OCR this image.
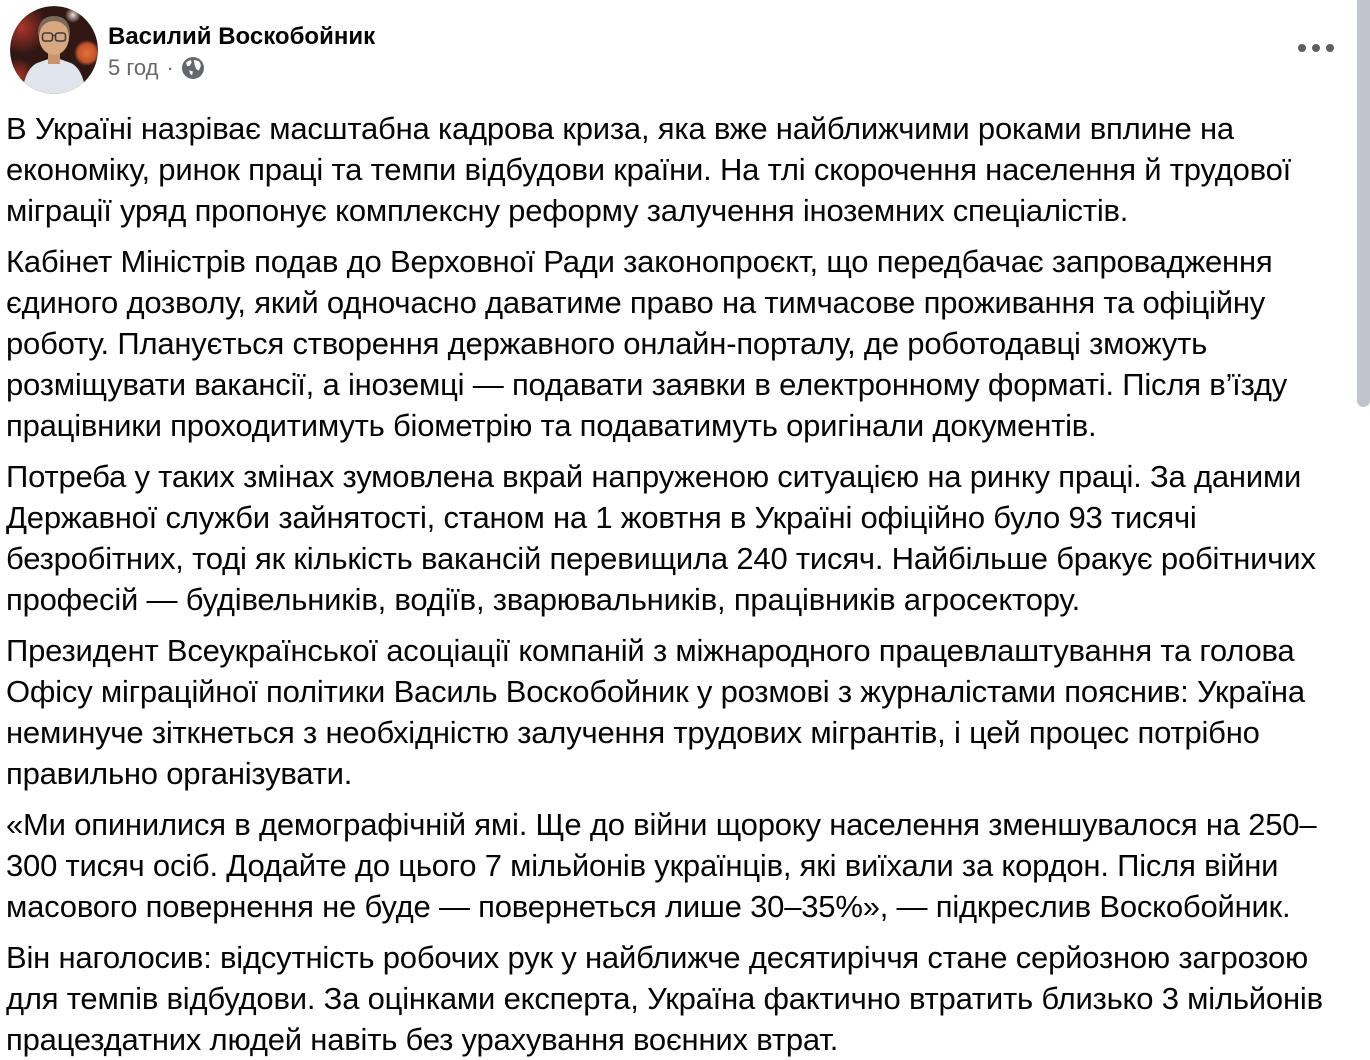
Василий Воскобойник
5 год ·

В Україні назріває масштабна кадрова криза, яка вже найближчими роками вплине на економіку, ринок праці та темпи відбудови країни. На тлі скорочення населення й трудової міграції уряд пропонує комплексну реформу залучення іноземних спеціалістів.

Кабінет Міністрів подав до Верховної Ради законопроєкт, що передбачає запровадження єдиного дозволу, який одночасно даватиме право на тимчасове проживання та офіційну роботу. Планується створення державного онлайн-порталу, де роботодавці зможуть розміщувати вакансії, а іноземці — подавати заявки в електронному форматі. Після в’їзду працівники проходитимуть біометрію та подаватимуть оригінали документів.

Потреба у таких змінах зумовлена вкрай напруженою ситуацією на ринку праці. За даними Державної служби зайнятості, станом на 1 жовтня в Україні офіційно було 93 тисячі безробітних, тоді як кількість вакансій перевищила 240 тисяч. Найбільше бракує робітничих професій — будівельників, водіїв, зварювальників, працівників агросектору.

Президент Всеукраїнської асоціації компаній з міжнародного працевлаштування та голова Офісу міграційної політики Василь Воскобойник у розмові з журналістами пояснив: Україна неминуче зіткнеться з необхідністю залучення трудових мігрантів, і цей процес потрібно правильно організувати.

«Ми опинилися в демографічній ямі. Ще до війни щороку населення зменшувалося на 250–300 тисяч осіб. Додайте до цього 7 мільйонів українців, які виїхали за кордон. Після війни масового повернення не буде — повернеться лише 30–35%», — підкреслив Воскобойник.

Він наголосив: відсутність робочих рук у найближче десятиріччя стане серйозною загрозою для темпів відбудови. За оцінками експерта, Україна фактично втратить близько 3 мільйонів працездатних людей навіть без урахування воєнних втрат.
